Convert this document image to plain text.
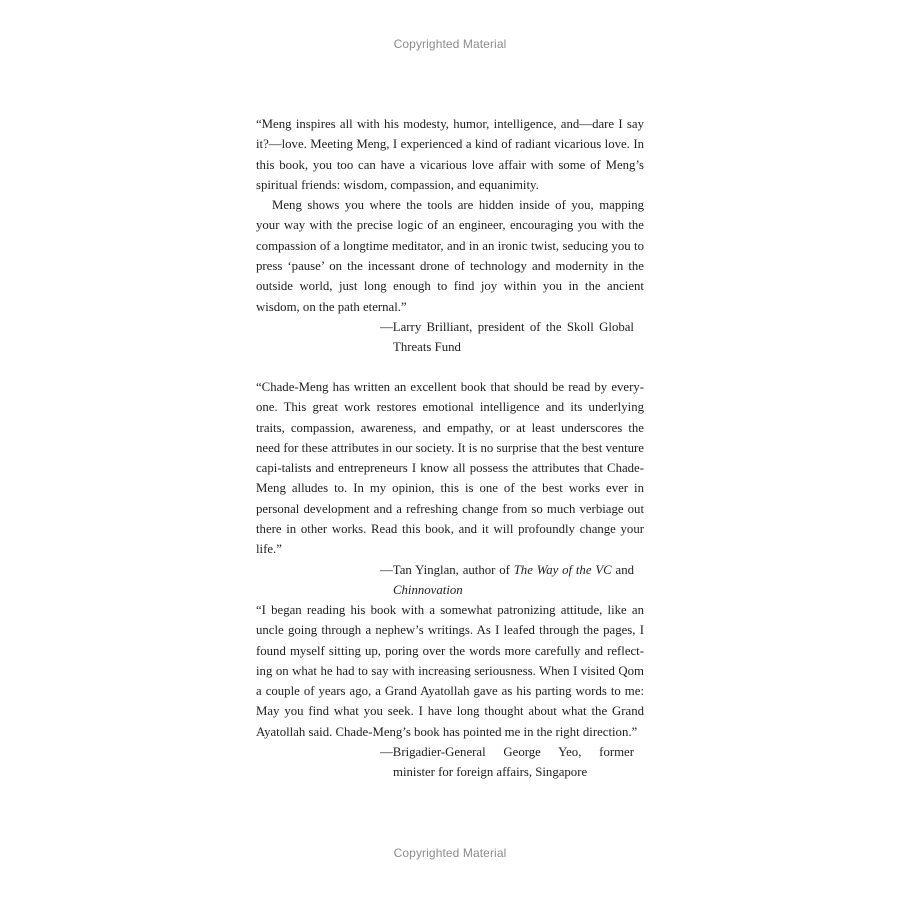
Copyrighted Material

“Meng inspires all with his modesty, humor, intelligence, and—dare I say it?—love. Meeting Meng, I experienced a kind of radiant vicarious love. In this book, you too can have a vicarious love affair with some of Meng’s spiritual friends: wisdom, compassion, and equanimity.

Meng shows you where the tools are hidden inside of you, mapping your way with the precise logic of an engineer, encouraging you with the compassion of a longtime meditator, and in an ironic twist, seducing you to press ‘pause’ on the incessant drone of technology and modernity in the outside world, just long enough to find joy within you in the ancient wisdom, on the path eternal.”

—Larry Brilliant, president of the Skoll Global Threats Fund

“Chade-Meng has written an excellent book that should be read by every-one. This great work restores emotional intelligence and its underlying traits, compassion, awareness, and empathy, or at least underscores the need for these attributes in our society. It is no surprise that the best venture capi-talists and entrepreneurs I know all possess the attributes that Chade-Meng alludes to. In my opinion, this is one of the best works ever in personal development and a refreshing change from so much verbiage out there in other works. Read this book, and it will profoundly change your life.”

—Tan Yinglan, author of The Way of the VC and Chinnovation

“I began reading his book with a somewhat patronizing attitude, like an uncle going through a nephew’s writings. As I leafed through the pages, I found myself sitting up, poring over the words more carefully and reflect-ing on what he had to say with increasing seriousness. When I visited Qom a couple of years ago, a Grand Ayatollah gave as his parting words to me: May you find what you seek. I have long thought about what the Grand Ayatollah said. Chade-Meng’s book has pointed me in the right direction.”

—Brigadier-General George Yeo, former minister for foreign affairs, Singapore

Copyrighted Material
